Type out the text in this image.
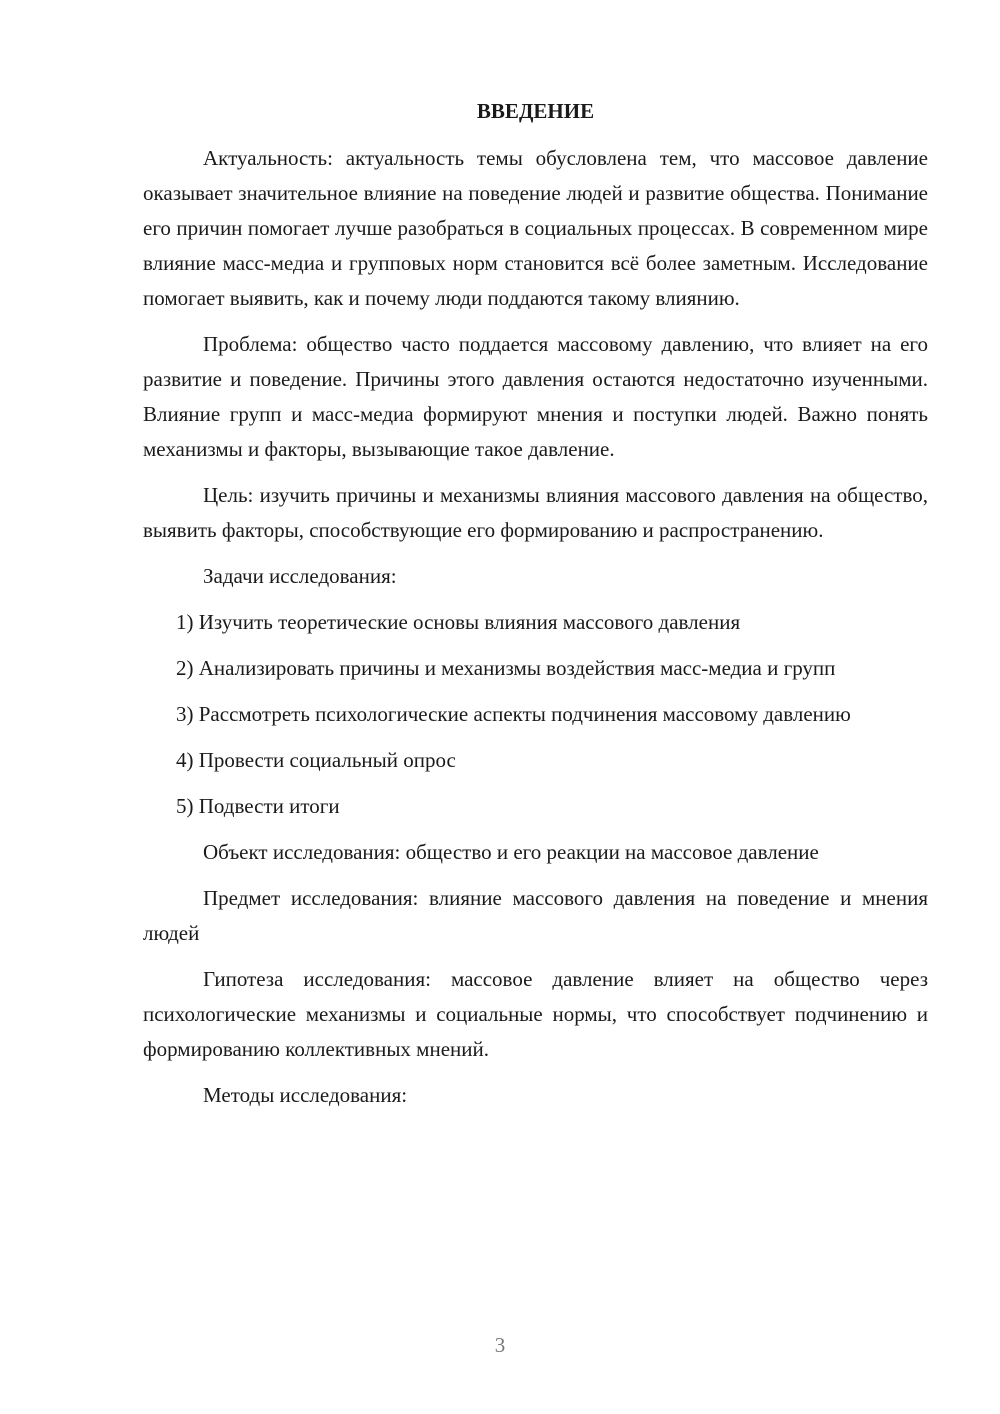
ВВЕДЕНИЕ

Актуальность: актуальность темы обусловлена тем, что массовое давление оказывает значительное влияние на поведение людей и развитие общества. Понимание его причин помогает лучше разобраться в социальных процессах. В современном мире влияние масс-медиа и групповых норм становится всё более заметным. Исследование помогает выявить, как и почему люди поддаются такому влиянию.

Проблема: общество часто поддается массовому давлению, что влияет на его развитие и поведение. Причины этого давления остаются недостаточно изученными. Влияние групп и масс-медиа формируют мнения и поступки людей. Важно понять механизмы и факторы, вызывающие такое давление.

Цель: изучить причины и механизмы влияния массового давления на общество, выявить факторы, способствующие его формированию и распространению.

Задачи исследования:

1) Изучить теоретические основы влияния массового давления

2) Анализировать причины и механизмы воздействия масс-медиа и групп

3) Рассмотреть психологические аспекты подчинения массовому давлению

4) Провести социальный опрос

5) Подвести итоги

Объект исследования: общество и его реакции на массовое давление

Предмет исследования: влияние массового давления на поведение и мнения людей

Гипотеза исследования: массовое давление влияет на общество через психологические механизмы и социальные нормы, что способствует подчинению и формированию коллективных мнений.

Методы исследования:

3
